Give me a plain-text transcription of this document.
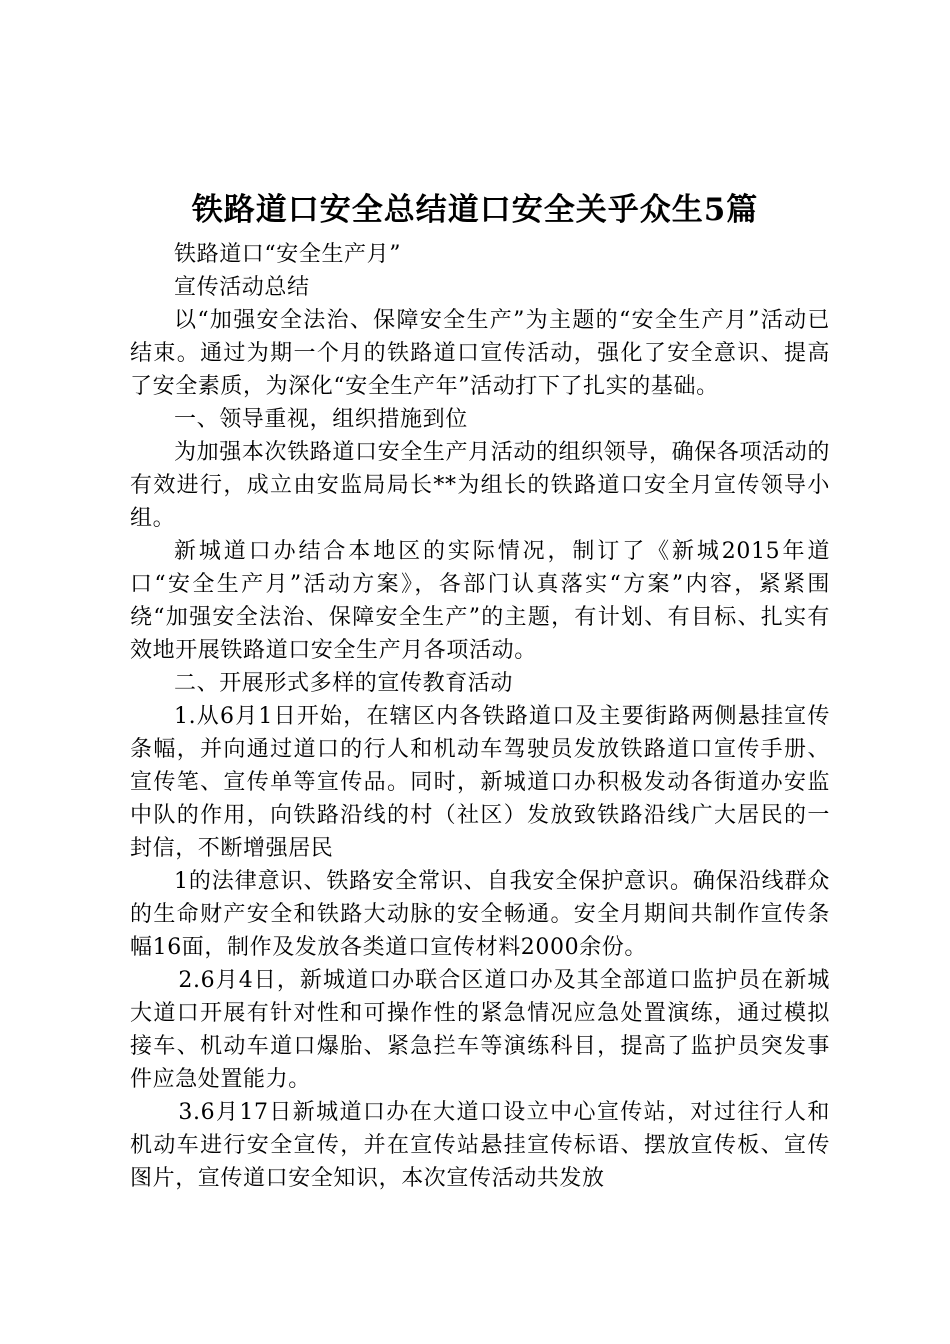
铁路道口安全总结道口安全关乎众生5篇

铁路道口“安全生产月”

宣传活动总结

以“加强安全法治、保障安全生产”为主题的“安全生产月”活动已结束。通过为期一个月的铁路道口宣传活动，强化了安全意识、提高了安全素质，为深化“安全生产年”活动打下了扎实的基础。

一、领导重视，组织措施到位

为加强本次铁路道口安全生产月活动的组织领导，确保各项活动的有效进行，成立由安监局局长**为组长的铁路道口安全月宣传领导小组。

新城道口办结合本地区的实际情况，制订了《新城2015年道口“安全生产月”活动方案》，各部门认真落实“方案”内容，紧紧围绕“加强安全法治、保障安全生产”的主题，有计划、有目标、扎实有效地开展铁路道口安全生产月各项活动。

二、开展形式多样的宣传教育活动

1.从6月1日开始，在辖区内各铁路道口及主要街路两侧悬挂宣传条幅，并向通过道口的行人和机动车驾驶员发放铁路道口宣传手册、宣传笔、宣传单等宣传品。同时，新城道口办积极发动各街道办安监中队的作用，向铁路沿线的村（社区）发放致铁路沿线广大居民的一封信，不断增强居民

1的法律意识、铁路安全常识、自我安全保护意识。确保沿线群众的生命财产安全和铁路大动脉的安全畅通。安全月期间共制作宣传条幅16面，制作及发放各类道口宣传材料2000余份。

2.6月4日，新城道口办联合区道口办及其全部道口监护员在新城大道口开展有针对性和可操作性的紧急情况应急处置演练，通过模拟接车、机动车道口爆胎、紧急拦车等演练科目，提高了监护员突发事件应急处置能力。

3.6月17日新城道口办在大道口设立中心宣传站，对过往行人和机动车进行安全宣传，并在宣传站悬挂宣传标语、摆放宣传板、宣传图片，宣传道口安全知识，本次宣传活动共发放
